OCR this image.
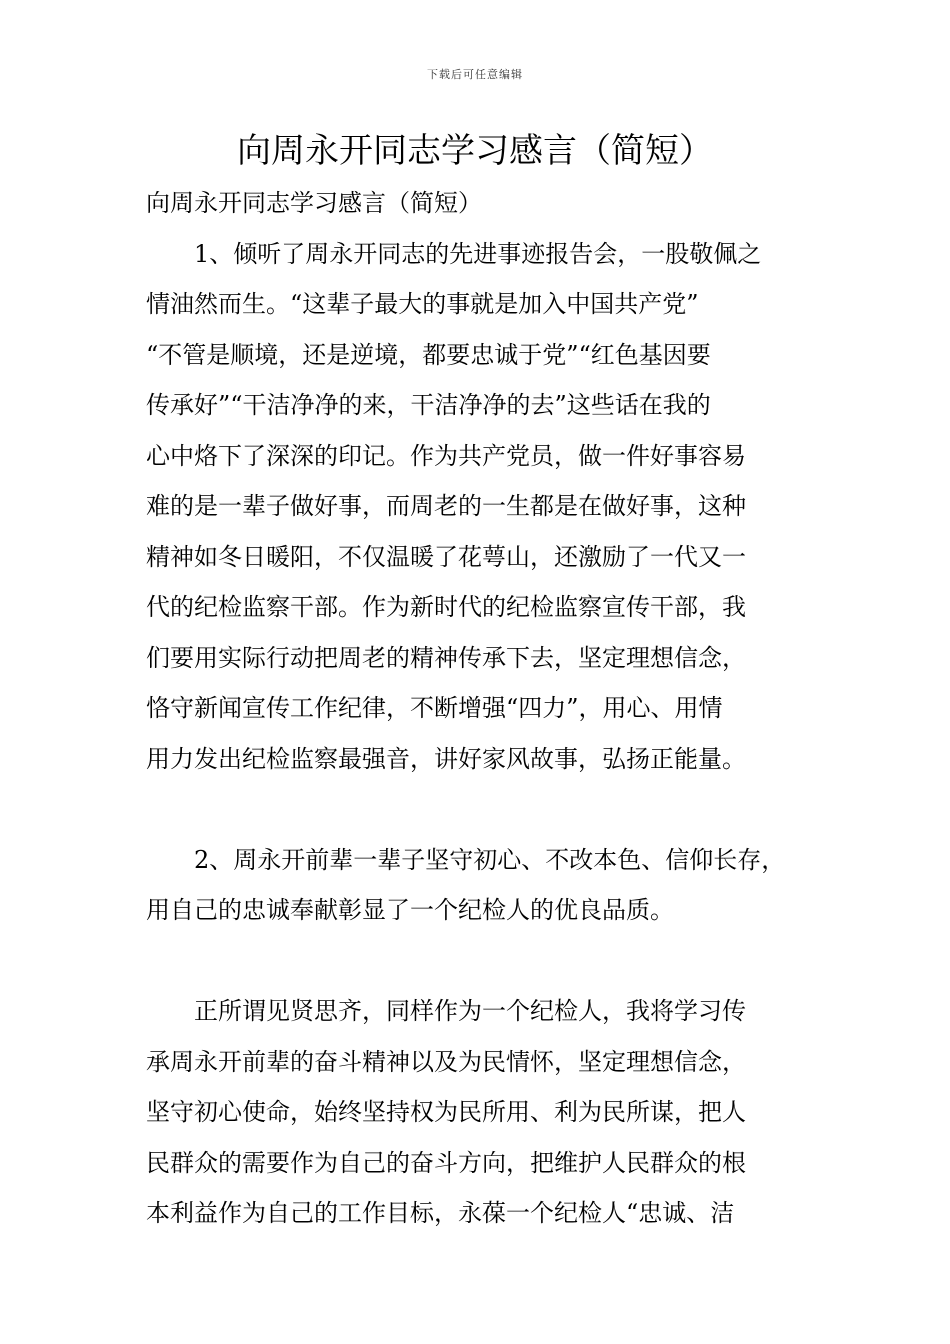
下载后可任意编辑
向周永开同志学习感言（简短）

向周永开同志学习感言（简短）

1、倾听了周永开同志的先进事迹报告会，一股敬佩之
情油然而生。“这辈子最大的事就是加入中国共产党”
“不管是顺境，还是逆境，都要忠诚于党”“红色基因要
传承好”“干洁净净的来，干洁净净的去”这些话在我的
心中烙下了深深的印记。作为共产党员，做一件好事容易
难的是一辈子做好事，而周老的一生都是在做好事，这种
精神如冬日暖阳，不仅温暖了花萼山，还激励了一代又一
代的纪检监察干部。作为新时代的纪检监察宣传干部，我
们要用实际行动把周老的精神传承下去，坚定理想信念，
恪守新闻宣传工作纪律，不断增强“四力”，用心、用情
用力发出纪检监察最强音，讲好家风故事，弘扬正能量。

2、周永开前辈一辈子坚守初心、不改本色、信仰长存，
用自己的忠诚奉献彰显了一个纪检人的优良品质。

正所谓见贤思齐，同样作为一个纪检人，我将学习传
承周永开前辈的奋斗精神以及为民情怀，坚定理想信念，
坚守初心使命，始终坚持权为民所用、利为民所谋，把人
民群众的需要作为自己的奋斗方向，把维护人民群众的根
本利益作为自己的工作目标，永葆一个纪检人“忠诚、洁
